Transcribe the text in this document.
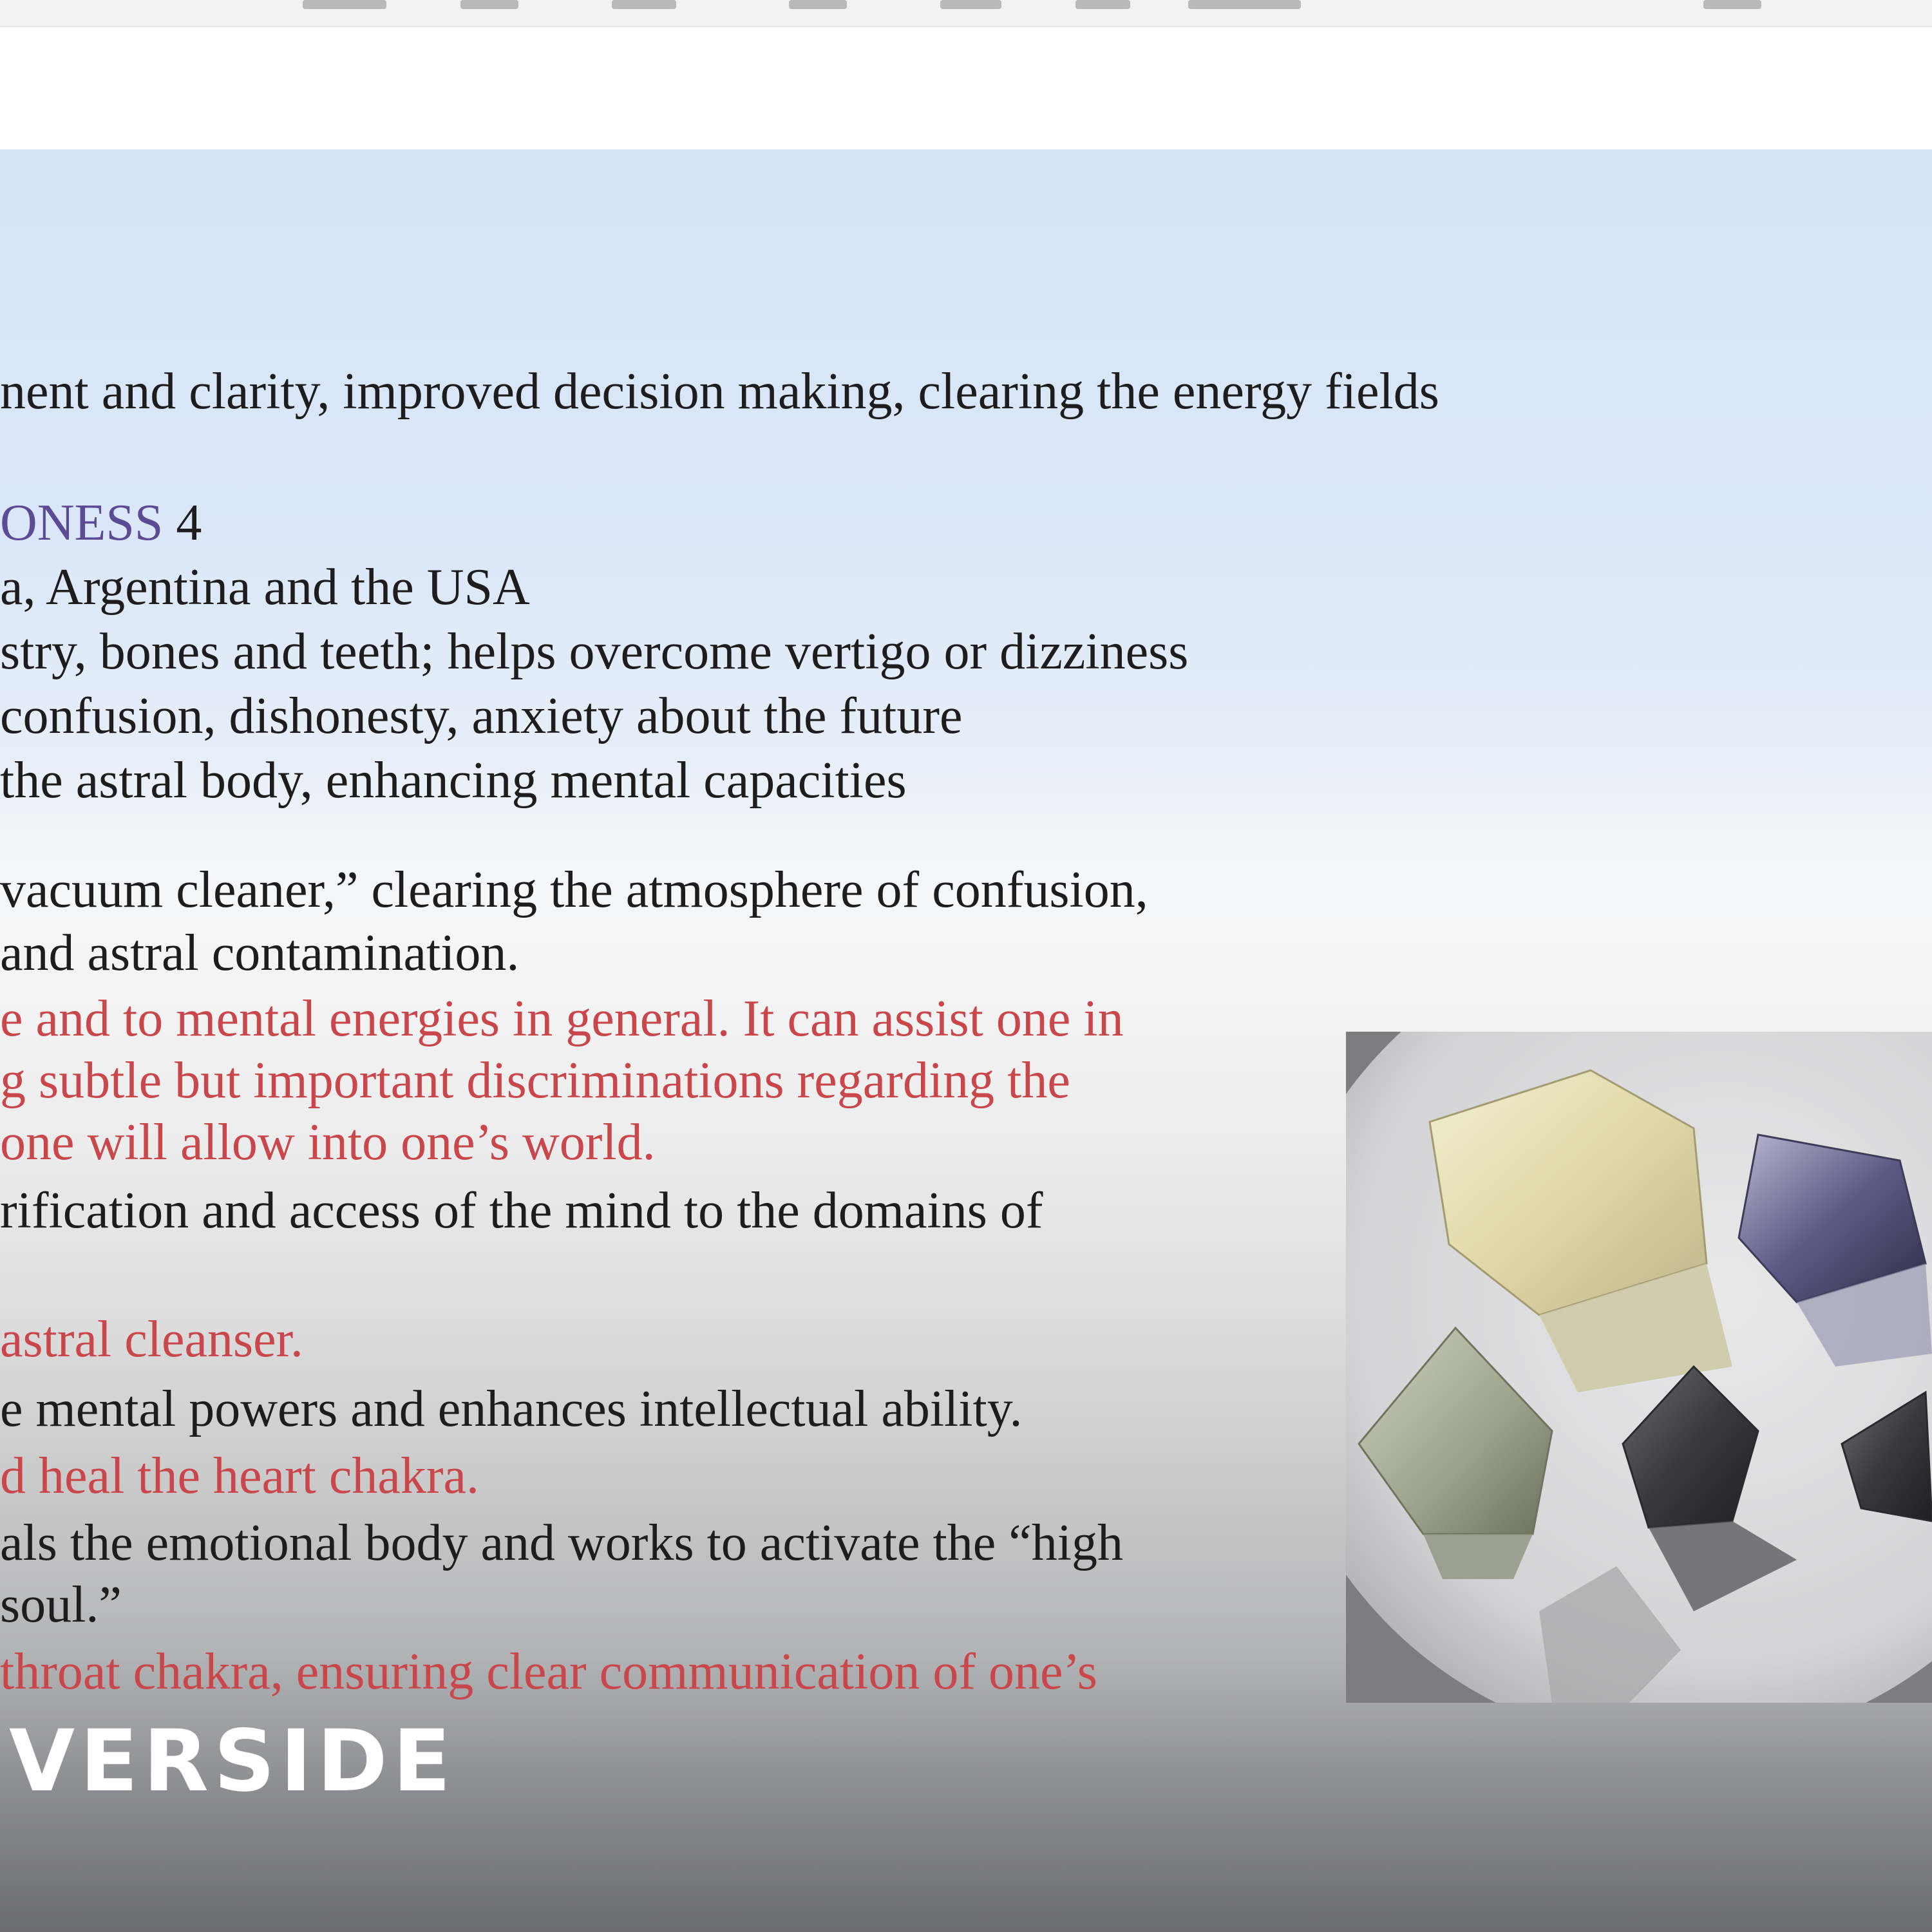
nent and clarity, improved decision making, clearing the energy fields
ONESS 4
a, Argentina and the USA
stry, bones and teeth; helps overcome vertigo or dizziness
confusion, dishonesty, anxiety about the future
the astral body, enhancing mental capacities
vacuum cleaner,” clearing the atmosphere of confusion,
and astral contamination.
e and to mental energies in general. It can assist one in
g subtle but important discriminations regarding the
one will allow into one’s world.
rification and access of the mind to the domains of
astral cleanser.
e mental powers and enhances intellectual ability.
d heal the heart chakra.
als the emotional body and works to activate the “high
soul.”
throat chakra, ensuring clear communication of one’s
VERSIDE
